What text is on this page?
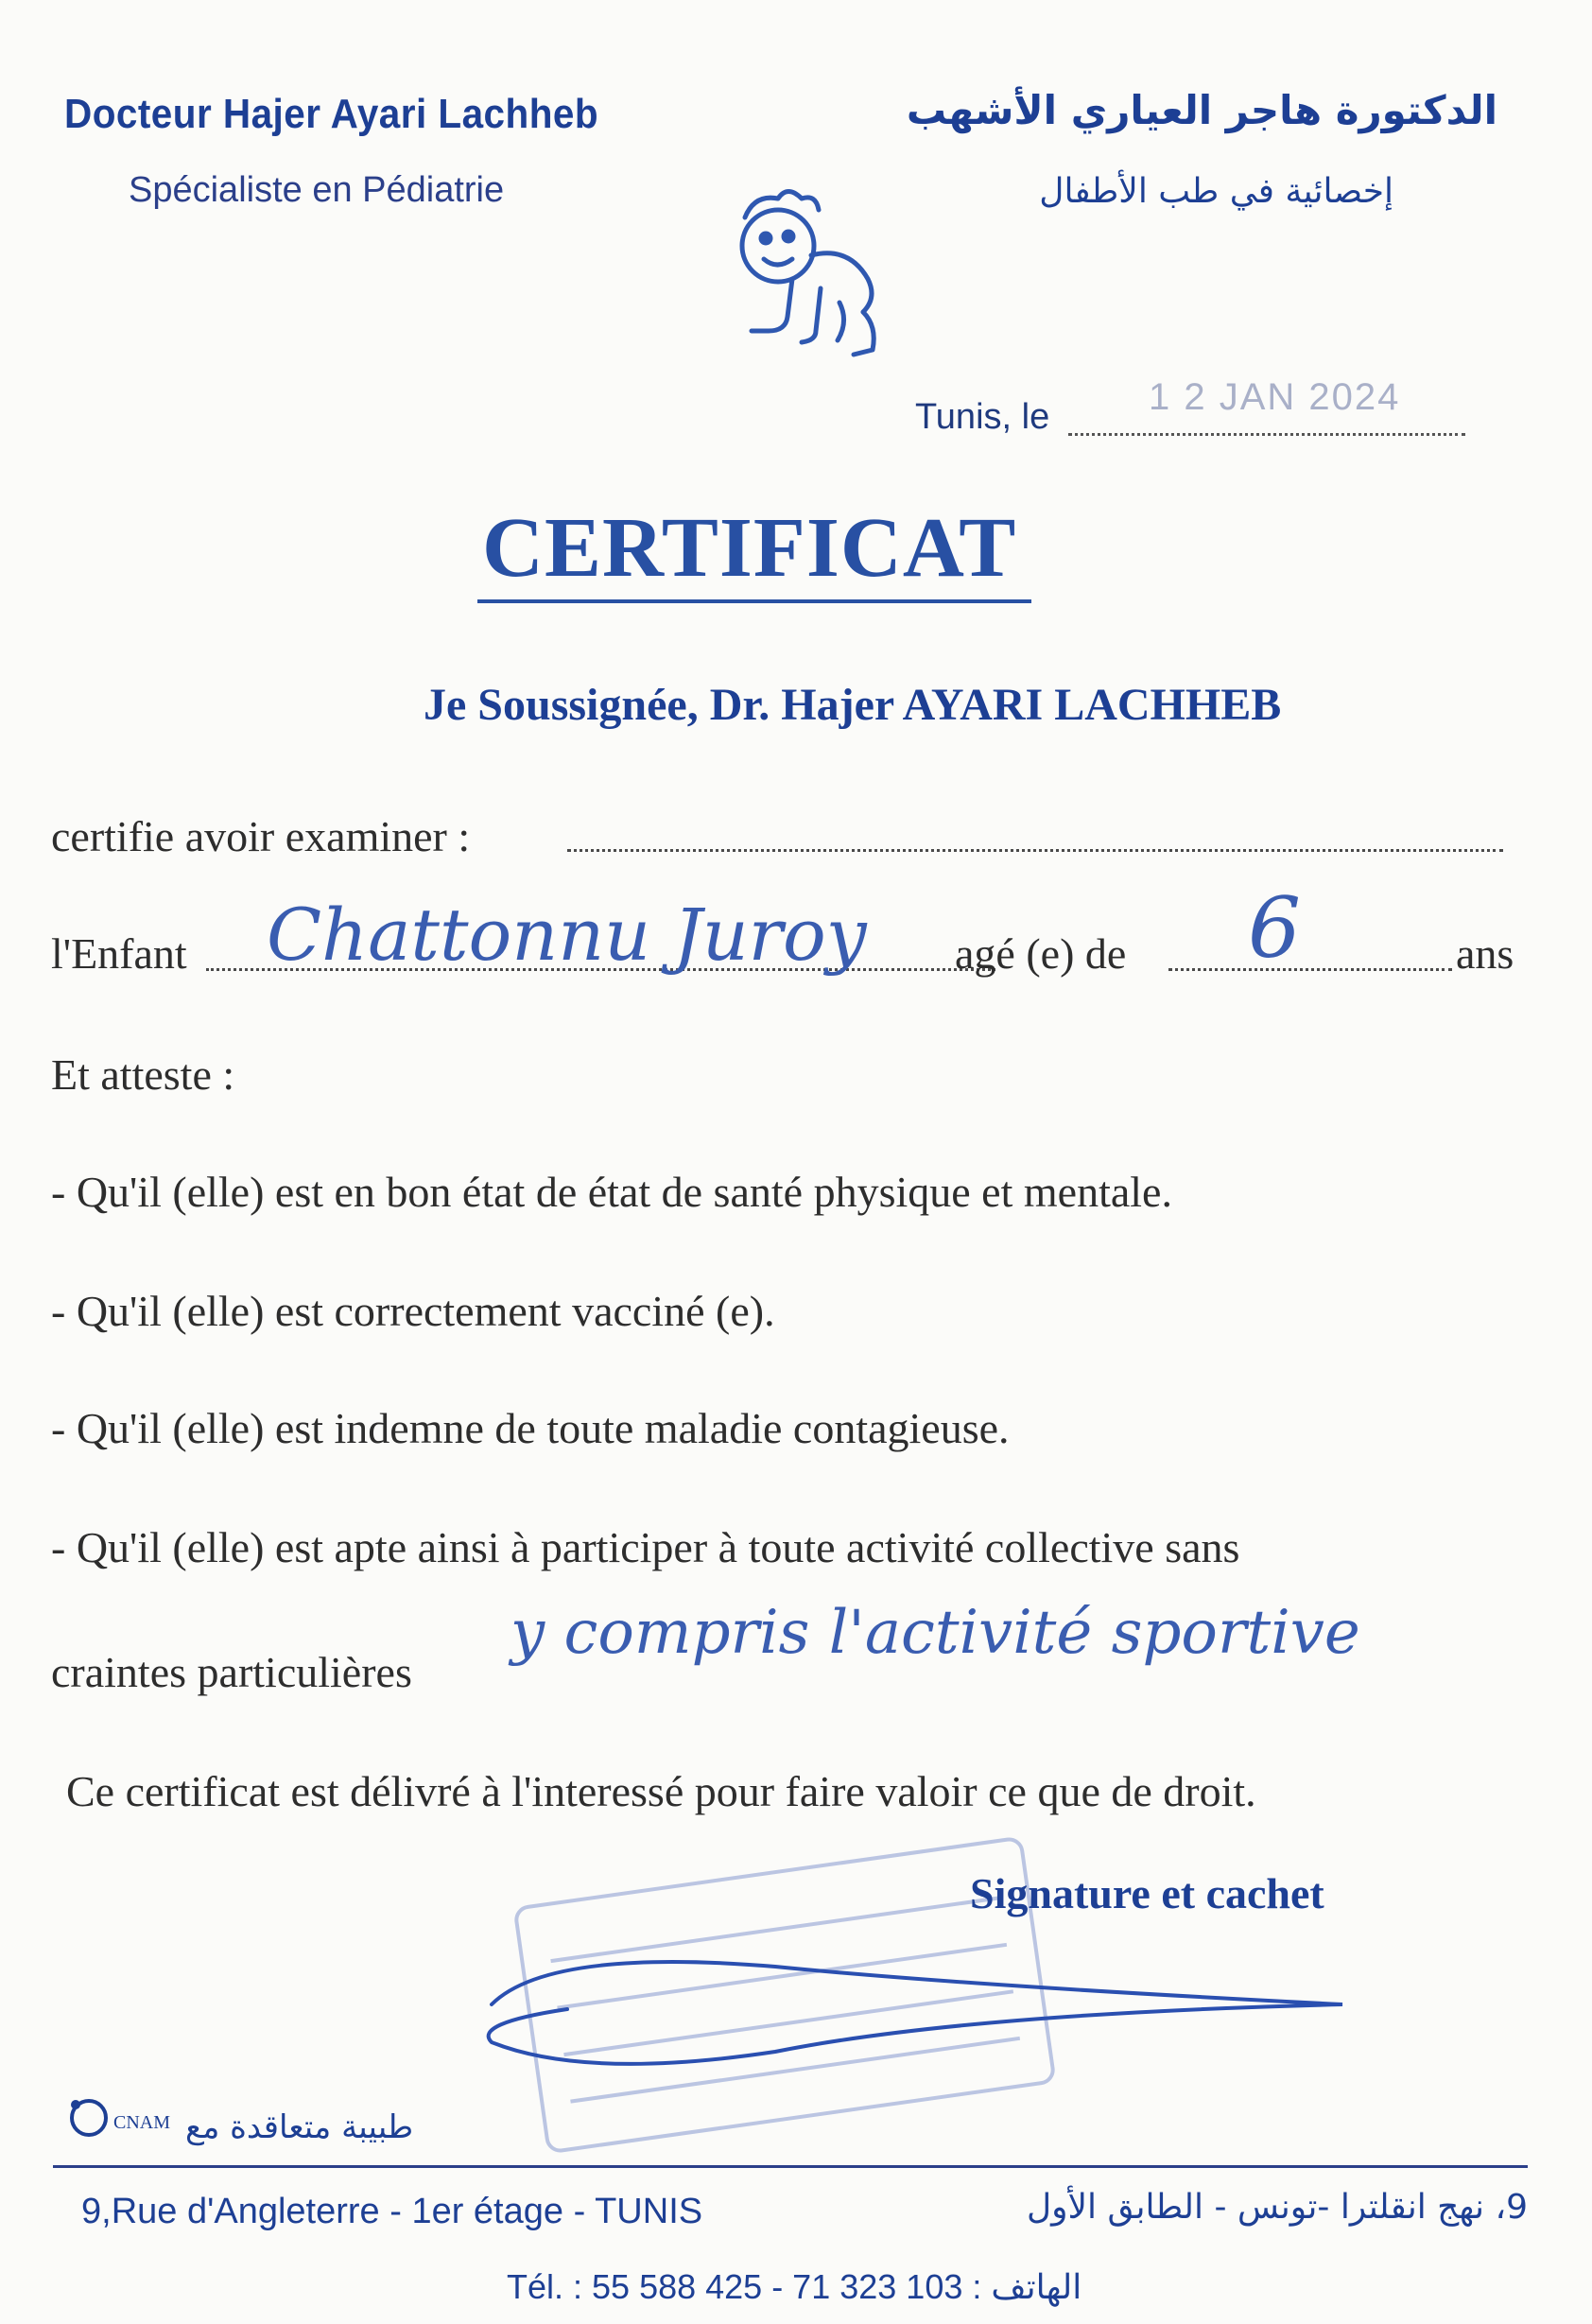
Docteur Hajer Ayari Lachheb
Spécialiste en Pédiatrie
الدكتورة هاجر العياري الأشهب
إخصائية في طب الأطفال
Tunis, le	1 2 JAN 2024
CERTIFICAT
Je Soussignée, Dr. Hajer AYARI LACHHEB
certifie avoir examiner :
l'Enfant Chattonnu Juroy agé (e) de 6	ans
Et atteste :
- Qu'il (elle) est en bon état de état de santé physique et mentale.
- Qu'il (elle) est correctement vacciné (e).
- Qu'il (elle) est indemne de toute maladie contagieuse.
- Qu'il (elle) est apte ainsi à participer à toute activité collective sans
craintes particulières
y compris l'activité sportive
Ce certificat est délivré à l'interessé pour faire valoir ce que de droit.
Signature et cachet
CNAM طبيبة متعاقدة مع
9,Rue d'Angleterre - 1er étage - TUNIS	9، نهج انقلترا -تونس - الطابق الأول
Tél. : 55 588 425 - 71 323 103 : الهاتف
